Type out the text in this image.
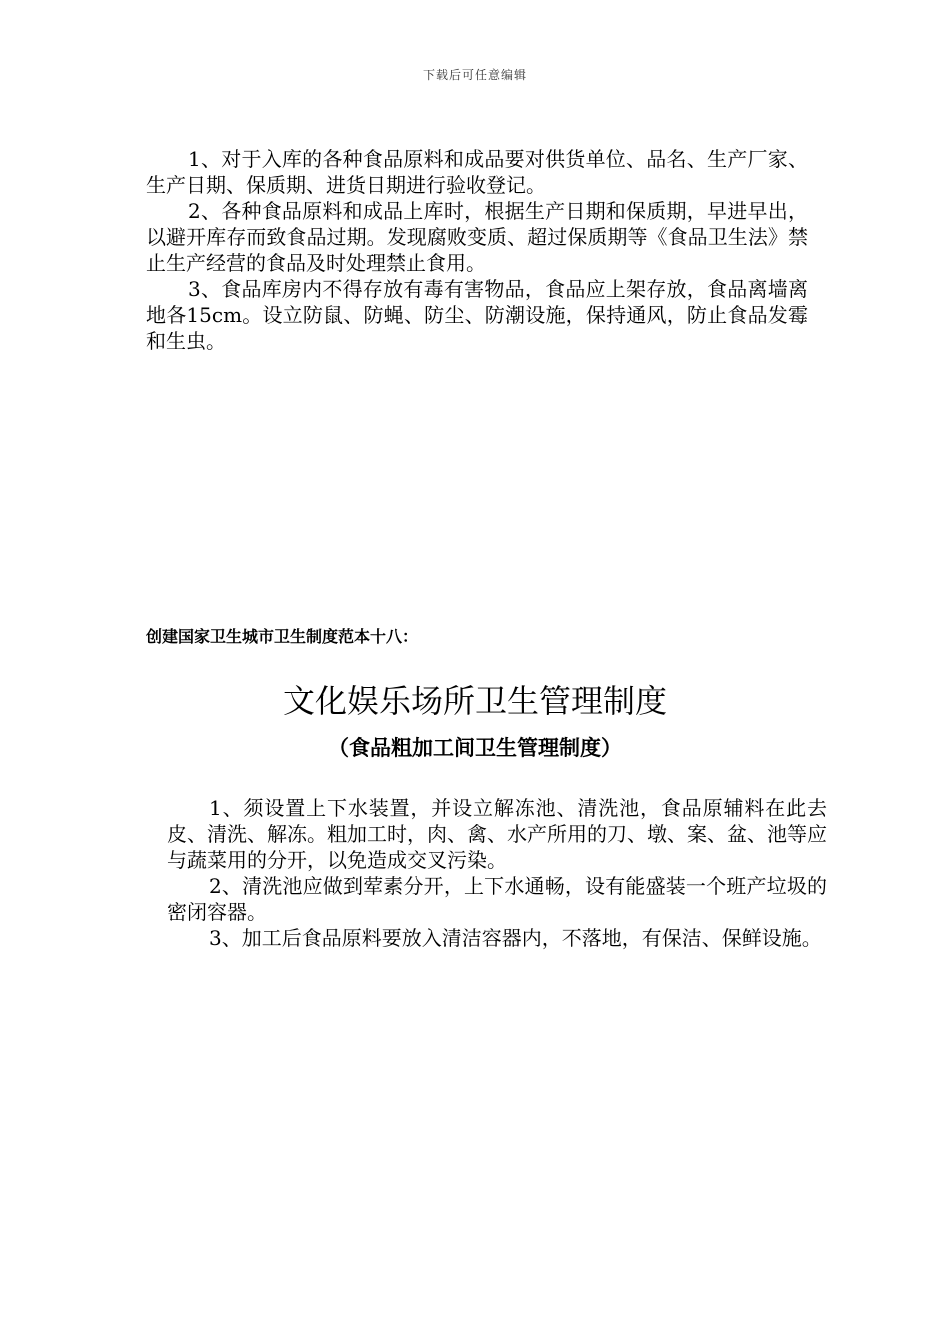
下载后可任意编辑

1、对于入库的各种食品原料和成品要对供货单位、品名、生产厂家、生产日期、保质期、进货日期进行验收登记。

2、各种食品原料和成品上库时，根据生产日期和保质期，早进早出，以避开库存而致食品过期。发现腐败变质、超过保质期等《食品卫生法》禁止生产经营的食品及时处理禁止食用。

3、食品库房内不得存放有毒有害物品，食品应上架存放，食品离墙离地各15cm。设立防鼠、防蝇、防尘、防潮设施，保持通风，防止食品发霉和生虫。

创建国家卫生城市卫生制度范本十八：
文化娱乐场所卫生管理制度
（食品粗加工间卫生管理制度）

1、须设置上下水装置，并设立解冻池、清洗池，食品原辅料在此去皮、清洗、解冻。粗加工时，肉、禽、水产所用的刀、墩、案、盆、池等应与蔬菜用的分开，以免造成交叉污染。

2、清洗池应做到荤素分开，上下水通畅，设有能盛装一个班产垃圾的密闭容器。

3、加工后食品原料要放入清洁容器内，不落地，有保洁、保鲜设施。
